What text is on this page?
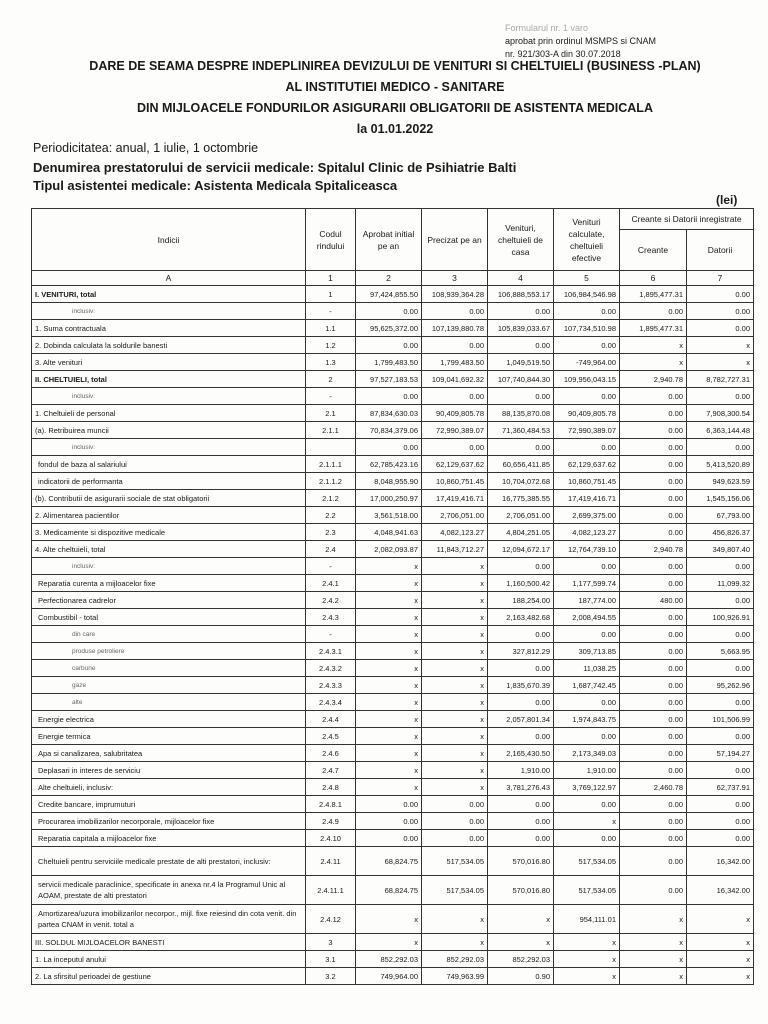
Formularul nr. 1 varo
aprobat prin ordinul MSMPS si CNAM
nr. 921/303-A din 30.07.2018
DARE DE SEAMA DESPRE INDEPLINIREA DEVIZULUI DE VENITURI SI CHELTUIELI (BUSINESS -PLAN)
AL INSTITUTIEI MEDICO - SANITARE
DIN MIJLOACELE FONDURILOR ASIGURARII OBLIGATORII DE ASISTENTA MEDICALA
la 01.01.2022
Periodicitatea: anual, 1 iulie, 1 octombrie
Denumirea prestatorului de servicii medicale: Spitalul Clinic de Psihiatrie Balti
Tipul asistentei medicale: Asistenta Medicala Spitaliceasca
(lei)
Indicii	Codul rindului	Aprobat initial pe an	Precizat pe an	Venituri, cheltuieli de casa	Venituri calculate, cheltuieli efective	Creante si Datorii inregistrate	
						Creante	Datorii
A	1	2	3	4	5	6	7
I. VENITURI, total	1	97,424,855.50	108,939,364.28	106,888,553.17	106,984,546.98	1,895,477.31	0.00
inclusiv:	-	0.00	0.00	0.00	0.00	0.00	0.00
1. Suma contractuala	1.1	95,625,372.00	107,139,880.78	105,839,033.67	107,734,510.98	1,895,477.31	0.00
2. Dobinda calculata la soldurile banesti	1.2	0.00	0.00	0.00	0.00	x	x
3. Alte venituri	1.3	1,799,483.50	1,799,483.50	1,049,519.50	-749,964.00	x	x
II. CHELTUIELI, total	2	97,527,183.53	109,041,692.32	107,740,844.30	109,956,043.15	2,940.78	8,782,727.31
inclusiv:	-	0.00	0.00	0.00	0.00	0.00	0.00
1. Cheltuieli de personal	2.1	87,834,630.03	90,409,805.78	88,135,870.08	90,409,805.78	0.00	7,908,300.54
(a). Retribuirea muncii	2.1.1	70,834,379.06	72,990,389.07	71,360,484.53	72,990,389.07	0.00	6,363,144.48
inclusiv:		0.00	0.00	0.00	0.00	0.00	0.00
fondul de baza al salariului	2.1.1.1	62,785,423.16	62,129,637.62	60,656,411.85	62,129,637.62	0.00	5,413,520.89
indicatorii de performanta	2.1.1.2	8,048,955.90	10,860,751.45	10,704,072.68	10,860,751.45	0.00	949,623.59
(b). Contributii de asigurarii sociale de stat obligatorii	2.1.2	17,000,250.97	17,419,416.71	16,775,385.55	17,419,416.71	0.00	1,545,156.06
2. Alimentarea pacientilor	2.2	3,561,518.00	2,706,051.00	2,706,051.00	2,699,375.00	0.00	67,793.00
3. Medicamente si dispozitive medicale	2.3	4,048,941.63	4,082,123.27	4,804,251.05	4,082,123.27	0.00	456,826.37
4. Alte cheltuieli, total	2.4	2,082,093.87	11,843,712.27	12,094,672.17	12,764,739.10	2,940.78	349,807.40
inclusiv:	-	x	x	0.00	0.00	0.00	0.00
Reparatia curenta a mijloacelor fixe	2.4.1	x	x	1,160,500.42	1,177,599.74	0.00	11,099.32
Perfectionarea cadrelor	2.4.2	x	x	188,254.00	187,774.00	480.00	0.00
Combustibil - total	2.4.3	x	x	2,163,482.68	2,008,494.55	0.00	100,926.91
din care	-	x	x	0.00	0.00	0.00	0.00
produse petroliere	2.4.3.1	x	x	327,812.29	309,713.85	0.00	5,663.95
carbune	2.4.3.2	x	x	0.00	11,038.25	0.00	0.00
gaze	2.4.3.3	x	x	1,835,670.39	1,687,742.45	0.00	95,262.96
alte	2.4.3.4	x	x	0.00	0.00	0.00	0.00
Energie electrica	2.4.4	x	x	2,057,801.34	1,974,843.75	0.00	101,506.99
Energie termica	2.4.5	x	x	0.00	0.00	0.00	0.00
Apa si canalizarea, salubritatea	2.4.6	x	x	2,165,430.50	2,173,349.03	0.00	57,194.27
Deplasari in interes de serviciu	2.4.7	x	x	1,910.00	1,910.00	0.00	0.00
Alte cheltuieli, inclusiv:	2.4.8	x	x	3,781,276.43	3,769,122.97	2,460.78	62,737.91
Credite bancare, imprumuturi	2.4.8.1	0.00	0.00	0.00	0.00	0.00	0.00
Procurarea imobilizarilor necorporale, mijloacelor fixe	2.4.9	0.00	0.00	0.00	x	0.00	0.00
Reparatia capitala a mijloacelor fixe	2.4.10	0.00	0.00	0.00	0.00	0.00	0.00
Cheltuieli pentru serviciile medicale prestate de alti prestatori, inclusiv:	2.4.11	68,824.75	517,534.05	570,016.80	517,534.05	0.00	16,342.00
servicii medicale paraclinice, specificate in anexa nr.4 la Programul Unic al AOAM, prestate de alti prestatori	2.4.11.1	68,824.75	517,534.05	570,016.80	517,534.05	0.00	16,342.00
Amortizarea/uzura imobilizarilor necorpor., mijl. fixe reiesind din cota venit. din partea CNAM in venit. total a	2.4.12	x	x	x	954,111.01	x	x
III. SOLDUL MIJLOACELOR BANESTI	3	x	x	x	x	x	x
1. La inceputul anului	3.1	852,292.03	852,292.03	852,292.03	x	x	x
2. La sfirsitul perioadei de gestiune	3.2	749,964.00	749,963.99	0.90	x	x	x
